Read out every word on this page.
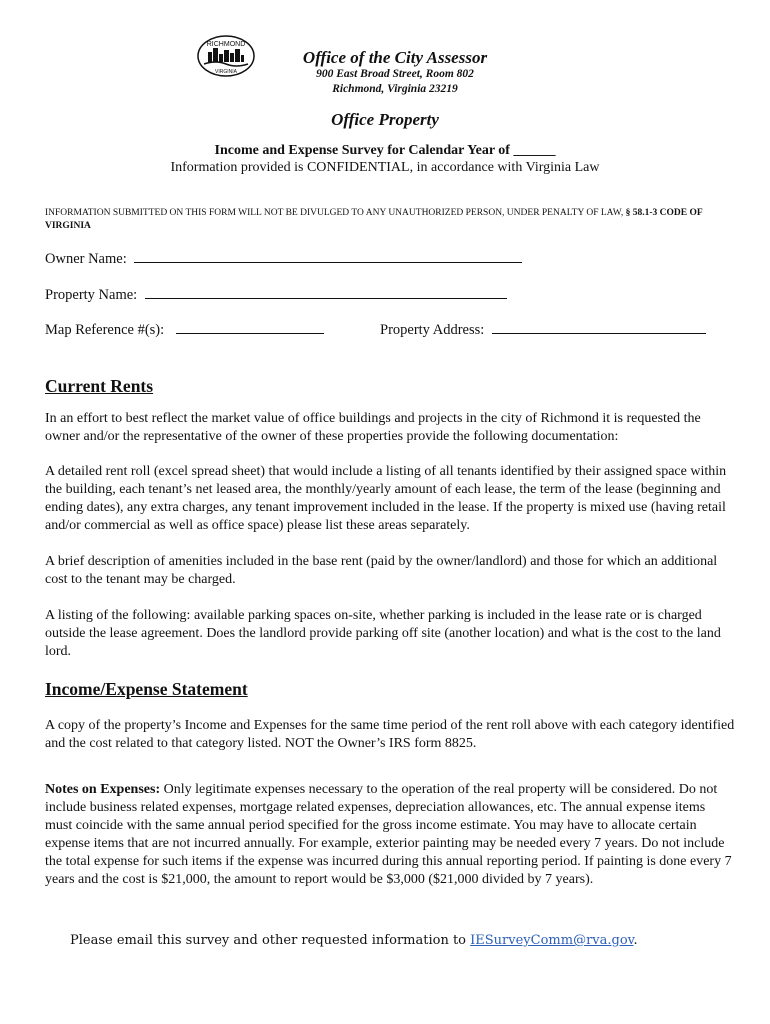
RICHMOND
VIRGINIA
Office of the City Assessor
900 East Broad Street, Room 802
Richmond, Virginia 23219
Office Property
Income and Expense Survey for Calendar Year of ______
Information provided is CONFIDENTIAL, in accordance with Virginia Law
INFORMATION SUBMITTED ON THIS FORM WILL NOT BE DIVULGED TO ANY UNAUTHORIZED PERSON, UNDER PENALTY OF LAW, § 58.1-3 CODE OF VIRGINIA
Owner Name:
Property Name:
Map Reference #(s):	Property Address:
Current Rents
In an effort to best reflect the market value of office buildings and projects in the city of Richmond it is requested the owner and/or the representative of the owner of these properties provide the following documentation:
A detailed rent roll (excel spread sheet) that would include a listing of all tenants identified by their assigned space within the building, each tenant’s net leased area, the monthly/yearly amount of each lease, the term of the lease (beginning and ending dates), any extra charges, any tenant improvement included in the lease. If the property is mixed use (having retail and/or commercial as well as office space) please list these areas separately.
A brief description of amenities included in the base rent (paid by the owner/landlord) and those for which an additional cost to the tenant may be charged.
A listing of the following: available parking spaces on-site, whether parking is included in the lease rate or is charged outside the lease agreement. Does the landlord provide parking off site (another location) and what is the cost to the land lord.
Income/Expense Statement
A copy of the property’s Income and Expenses for the same time period of the rent roll above with each category identified and the cost related to that category listed. NOT the Owner’s IRS form 8825.
Notes on Expenses: Only legitimate expenses necessary to the operation of the real property will be considered. Do not include business related expenses, mortgage related expenses, depreciation allowances, etc. The annual expense items must coincide with the same annual period specified for the gross income estimate. You may have to allocate certain expense items that are not incurred annually. For example, exterior painting may be needed every 7 years. Do not include the total expense for such items if the expense was incurred during this annual reporting period. If painting is done every 7 years and the cost is $21,000, the amount to report would be $3,000 ($21,000 divided by 7 years).
Please email this survey and other requested information to IESurveyComm@rva.gov.
